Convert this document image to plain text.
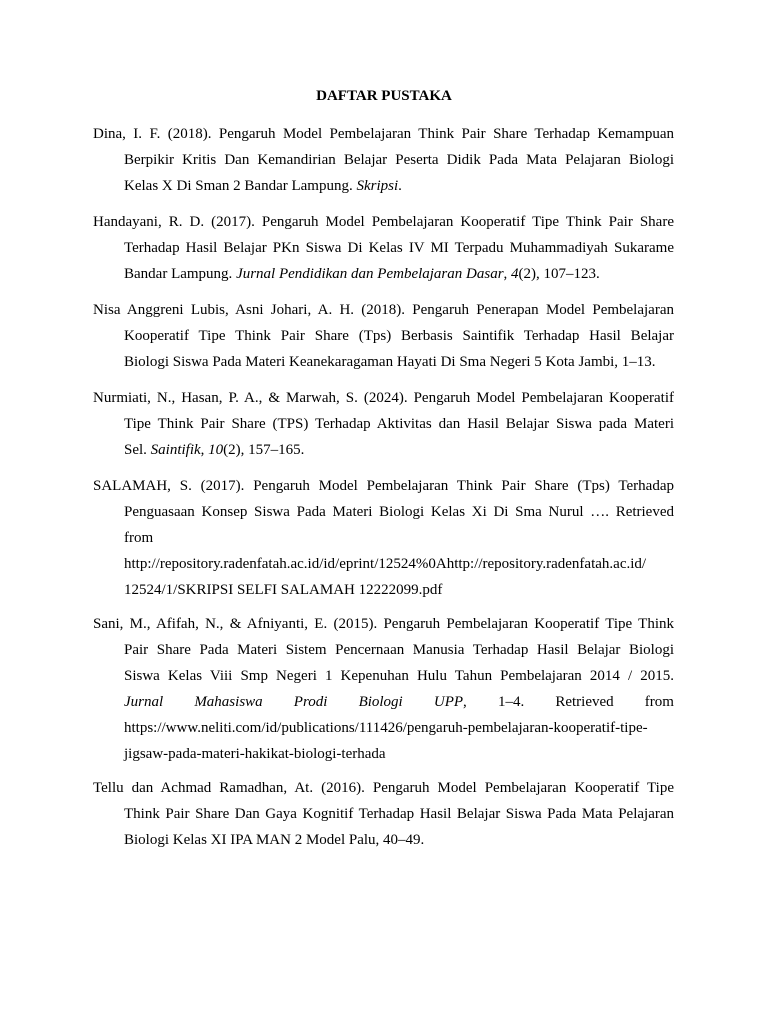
DAFTAR PUSTAKA
Dina, I. F. (2018). Pengaruh Model Pembelajaran Think Pair Share Terhadap Kemampuan
Berpikir Kritis Dan Kemandirian Belajar Peserta Didik Pada Mata Pelajaran Biologi
Kelas X Di Sman 2 Bandar Lampung. Skripsi.
Handayani, R. D. (2017). Pengaruh Model Pembelajaran Kooperatif Tipe Think Pair Share
Terhadap Hasil Belajar PKn Siswa Di Kelas IV MI Terpadu Muhammadiyah Sukarame
Bandar Lampung. Jurnal Pendidikan dan Pembelajaran Dasar, 4(2), 107–123.
Nisa Anggreni Lubis, Asni Johari, A. H. (2018). Pengaruh Penerapan Model Pembelajaran
Kooperatif Tipe Think Pair Share (Tps) Berbasis Saintifik Terhadap Hasil Belajar
Biologi Siswa Pada Materi Keanekaragaman Hayati Di Sma Negeri 5 Kota Jambi, 1–13.
Nurmiati, N., Hasan, P. A., & Marwah, S. (2024). Pengaruh Model Pembelajaran Kooperatif
Tipe Think Pair Share (TPS) Terhadap Aktivitas dan Hasil Belajar Siswa pada Materi
Sel. Saintifik, 10(2), 157–165.
SALAMAH, S. (2017). Pengaruh Model Pembelajaran Think Pair Share (Tps) Terhadap
Penguasaan Konsep Siswa Pada Materi Biologi Kelas Xi Di Sma Nurul …. Retrieved
from
http://repository.radenfatah.ac.id/id/eprint/12524%0Ahttp://repository.radenfatah.ac.id/
12524/1/SKRIPSI SELFI SALAMAH 12222099.pdf
Sani, M., Afifah, N., & Afniyanti, E. (2015). Pengaruh Pembelajaran Kooperatif Tipe Think
Pair Share Pada Materi Sistem Pencernaan Manusia Terhadap Hasil Belajar Biologi
Siswa Kelas Viii Smp Negeri 1 Kepenuhan Hulu Tahun Pembelajaran 2014 / 2015.
Jurnal Mahasiswa Prodi Biologi UPP, 1–4. Retrieved from
https://www.neliti.com/id/publications/111426/pengaruh-pembelajaran-kooperatif-tipe-
jigsaw-pada-materi-hakikat-biologi-terhada
Tellu dan Achmad Ramadhan, At. (2016). Pengaruh Model Pembelajaran Kooperatif Tipe
Think Pair Share Dan Gaya Kognitif Terhadap Hasil Belajar Siswa Pada Mata Pelajaran
Biologi Kelas XI IPA MAN 2 Model Palu, 40–49.
